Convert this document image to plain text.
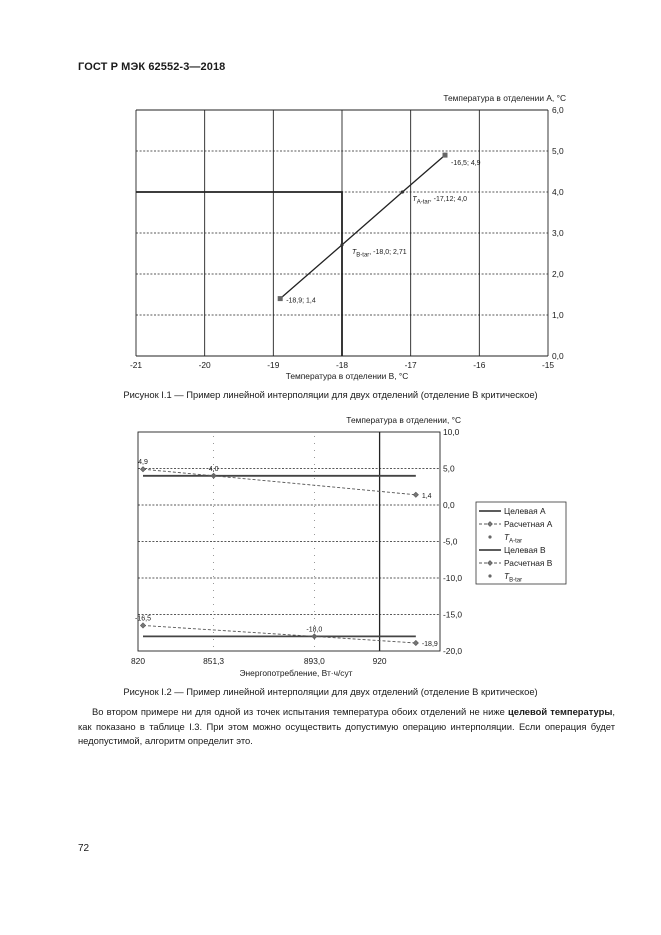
ГОСТ Р МЭК 62552-3—2018
Температура в отделении A, °C
-21	-20	-19	-18	-17	-16	-15
0,0
1,0
2,0
3,0
4,0
5,0
6,0
Температура в отделении B, °C
-18,9; 1,4
TB-tar, -18,0; 2,71
TA-tar, -17,12; 4,0
-16,5; 4,9
Рисунок I.1 — Пример линейной интерполяции для двух отделений (отделение B критическое)
Температура в отделении, °C
820	851,3	893,0	920
10,0
5,0
0,0
-5,0
-10,0
-15,0
-20,0
Энергопотребление, Вт·ч/сут
4,9
4,0
1,4
-16,5
-18,0
-18,9
Целевая A
Расчетная A
$T_{A-tar}$
Целевая B
Расчетная B
$T_{B-tar}$
Рисунок I.2 — Пример линейной интерполяции для двух отделений (отделение B критическое)

Во втором примере ни для одной из точек испытания температура обоих отделений не ниже целевой температуры, как показано в таблице I.3. При этом можно осуществить допустимую операцию интерполяции. Если операция будет недопустимой, алгоритм определит это.

72
